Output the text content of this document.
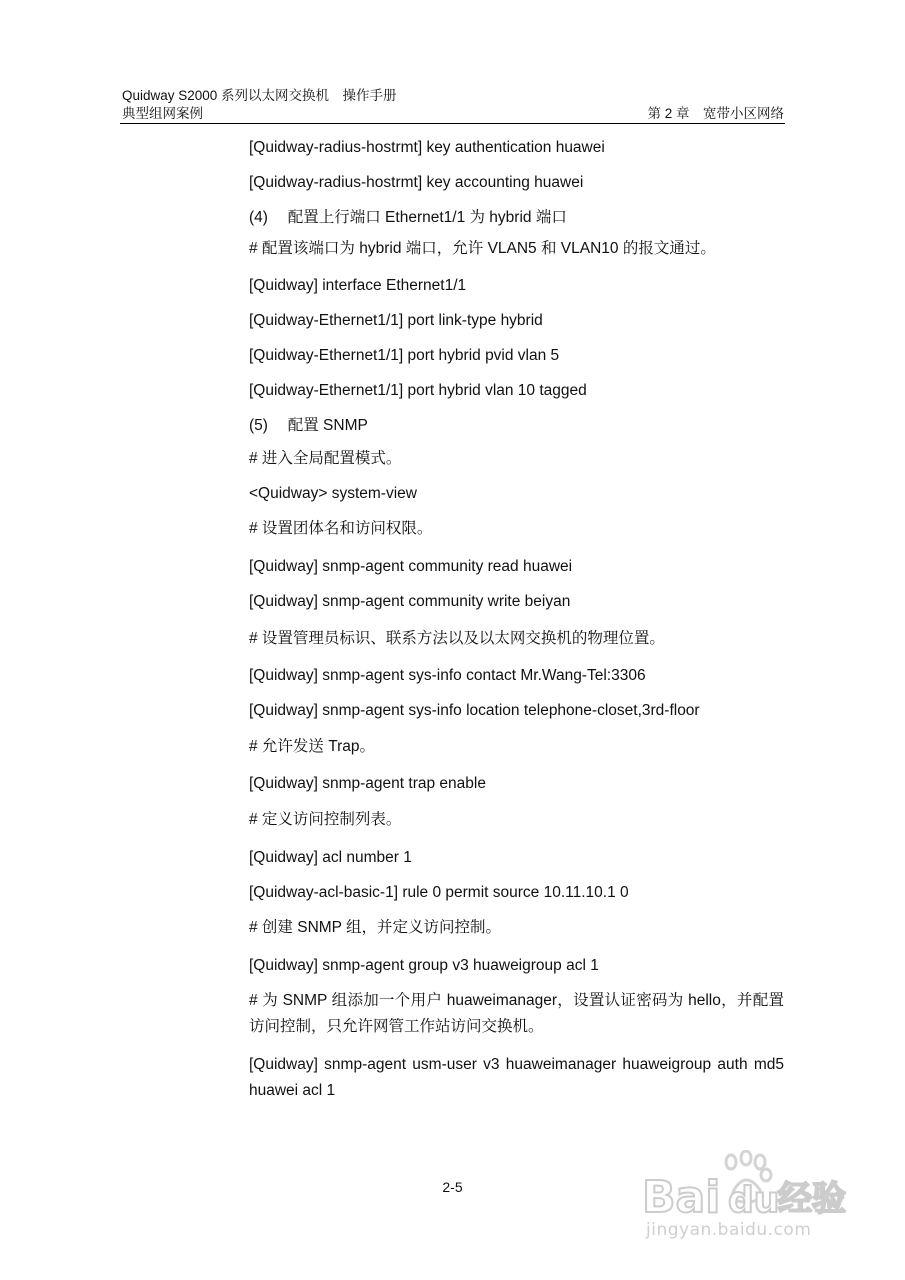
Quidway S2000 系列以太网交换机　操作手册
典型组网案例	第 2 章　宽带小区网络
[Quidway-radius-hostrmt] key authentication huawei
[Quidway-radius-hostrmt] key accounting huawei
(4)　 配置上行端口 Ethernet1/1 为 hybrid 端口
# 配置该端口为 hybrid 端口，允许 VLAN5 和 VLAN10 的报文通过。
[Quidway] interface Ethernet1/1
[Quidway-Ethernet1/1] port link-type hybrid
[Quidway-Ethernet1/1] port hybrid pvid vlan 5
[Quidway-Ethernet1/1] port hybrid vlan 10 tagged
(5)　 配置 SNMP
# 进入全局配置模式。
<Quidway> system-view
# 设置团体名和访问权限。
[Quidway] snmp-agent community read huawei
[Quidway] snmp-agent community write beiyan
# 设置管理员标识、联系方法以及以太网交换机的物理位置。
[Quidway] snmp-agent sys-info contact Mr.Wang-Tel:3306
[Quidway] snmp-agent sys-info location telephone-closet,3rd-floor
# 允许发送 Trap。
[Quidway] snmp-agent trap enable
# 定义访问控制列表。
[Quidway] acl number 1
[Quidway-acl-basic-1] rule 0 permit source 10.11.10.1 0
# 创建 SNMP 组，并定义访问控制。
[Quidway] snmp-agent group v3 huaweigroup acl 1
# 为 SNMP 组添加一个用户 huaweimanager，设置认证密码为 hello，并配置访问控制，只允许网管工作站访问交换机。
[Quidway] snmp-agent usm-user v3 huaweimanager huaweigroup auth md5 huawei acl 1
2-5	Bai du
经验
jingyan.baidu.com
